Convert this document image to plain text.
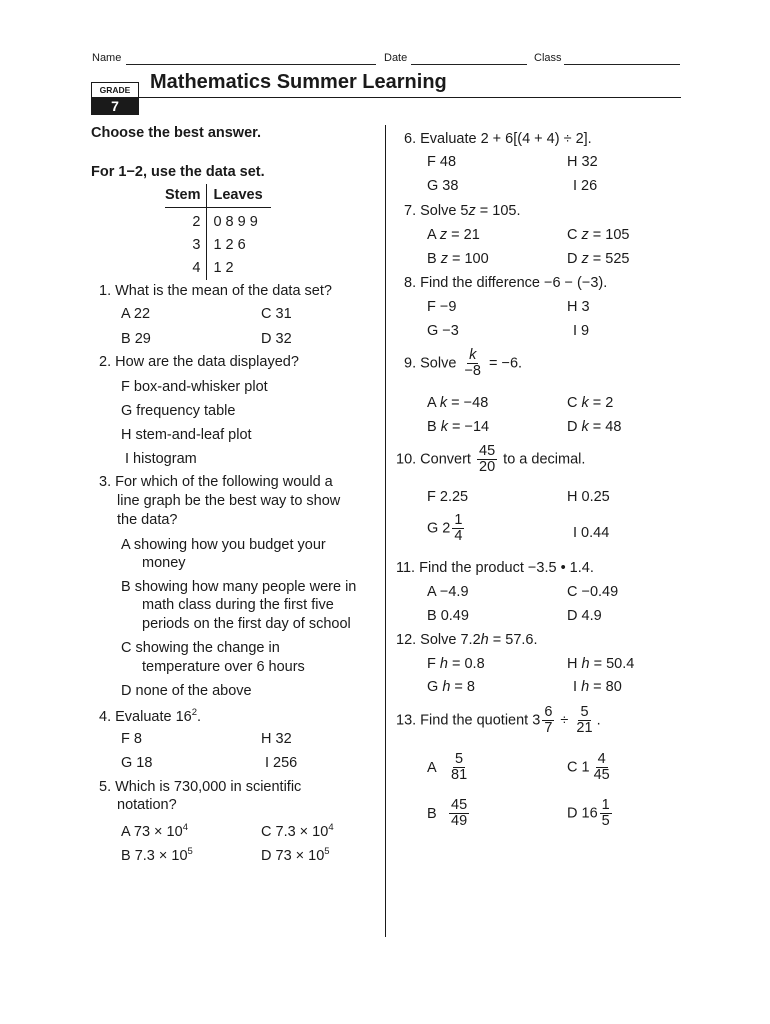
Name	Date	Class
GRADE
7
Mathematics Summer Learning
Choose the best answer.
For 1−2, use the data set.
Stem	Leaves
2	0 8 9 9
3	1 2 6
4	1 2
1. What is the mean of the data set?
A 22	C 31
B 29	D 32
2. How are the data displayed?
F box-and-whisker plot
G frequency table
H stem-and-leaf plot
I histogram
3. For which of the following would a
line graph be the best way to show
the data?
A showing how you budget your
money
B showing how many people were in
math class during the first five
periods on the first day of school
C showing the change in
temperature over 6 hours
D none of the above
4. Evaluate $16^2$.
F 8	H 32
G 18	I 256
5. Which is 730,000 in scientific
notation?
A $73 \times 10^4$	C $7.3 \times 10^4$
B $7.3 \times 10^5$	D $73 \times 10^5$
6. Evaluate 2 + 6[(4 + 4) ÷ 2].
F 48	H 32
G 38	I 26
7. Solve 5z = 105.
A z = 21	C z = 105
B z = 100	D z = 525
8. Find the difference −6 − (−3).
F −9	H 3
G −3	I 9
9. Solve $\frac{k}{-8} = -6$.
A k = −48	C k = 2
B k = −14	D k = 48
10. Convert $\frac{45}{20}$ to a decimal.
F 2.25	H 0.25
G $2 \frac{1}{4}$	I 0.44
11. Find the product −3.5 • 1.4.
A −4.9	C −0.49
B 0.49	D 4.9
12. Solve 7.2h = 57.6.
F h = 0.8	H h = 50.4
G h = 8	I h = 80
13. Find the quotient $3 \frac{6}{7} \div \frac{5}{21}$ .
A $\frac{5}{81}$	C $1 \frac{4}{45}$
B $\frac{45}{49}$	D $16 \frac{1}{5}$
